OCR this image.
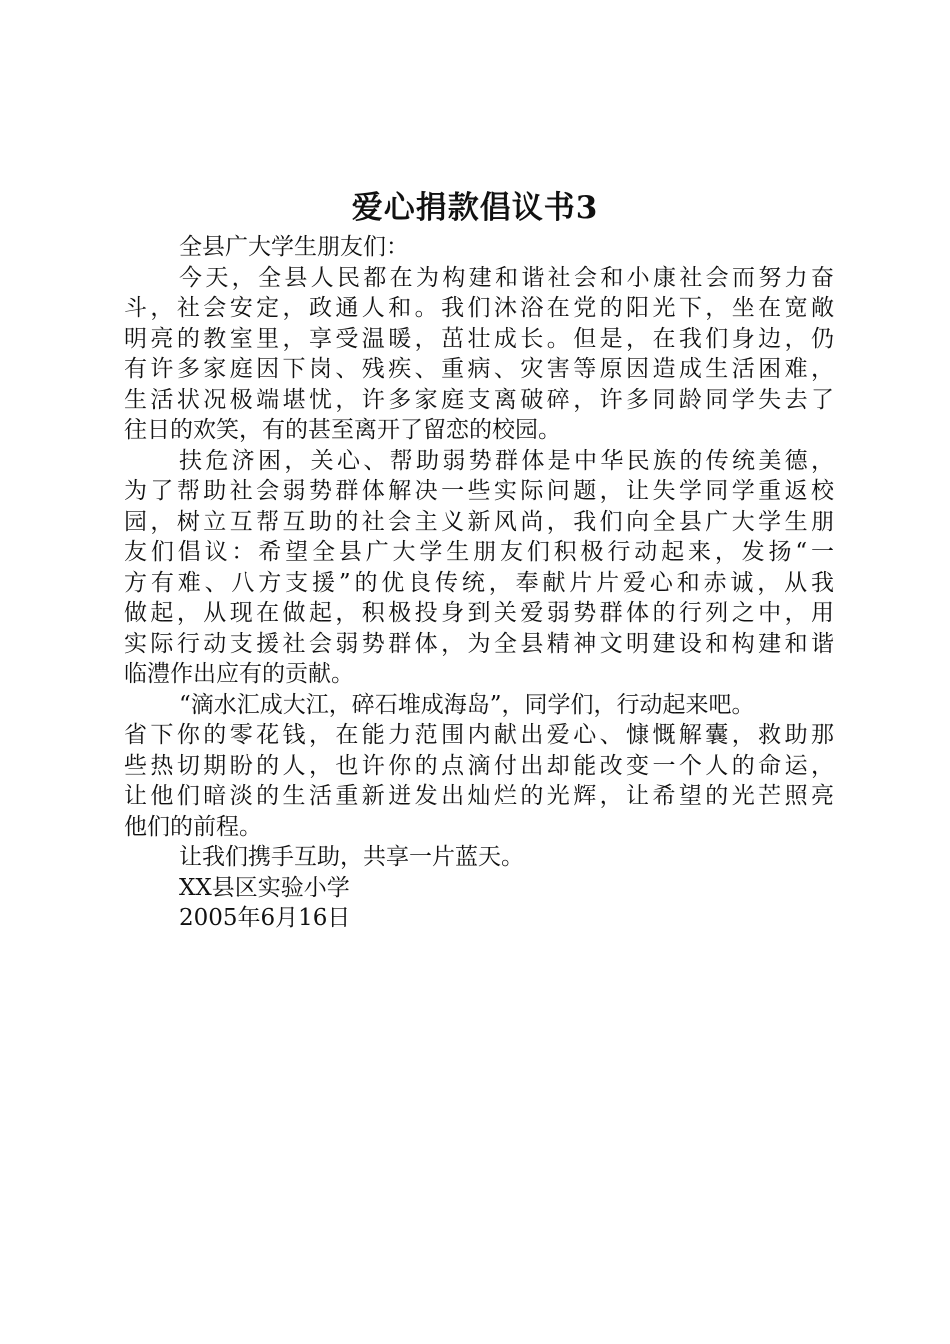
爱心捐款倡议书3
全县广大学生朋友们：
今天，全县人民都在为构建和谐社会和小康社会而努力奋
斗，社会安定，政通人和。我们沐浴在党的阳光下，坐在宽敞
明亮的教室里，享受温暖，茁壮成长。但是，在我们身边，仍
有许多家庭因下岗、残疾、重病、灾害等原因造成生活困难，
生活状况极端堪忧，许多家庭支离破碎，许多同龄同学失去了
往日的欢笑，有的甚至离开了留恋的校园。
扶危济困，关心、帮助弱势群体是中华民族的传统美德，
为了帮助社会弱势群体解决一些实际问题，让失学同学重返校
园，树立互帮互助的社会主义新风尚，我们向全县广大学生朋
友们倡议：希望全县广大学生朋友们积极行动起来，发扬“一
方有难、八方支援”的优良传统，奉献片片爱心和赤诚，从我
做起，从现在做起，积极投身到关爱弱势群体的行列之中，用
实际行动支援社会弱势群体，为全县精神文明建设和构建和谐
临澧作出应有的贡献。
“滴水汇成大江，碎石堆成海岛”，同学们，行动起来吧。
省下你的零花钱，在能力范围内献出爱心、慷慨解囊，救助那
些热切期盼的人，也许你的点滴付出却能改变一个人的命运，
让他们暗淡的生活重新迸发出灿烂的光辉，让希望的光芒照亮
他们的前程。
让我们携手互助，共享一片蓝天。
XX县区实验小学
2005年6月16日
